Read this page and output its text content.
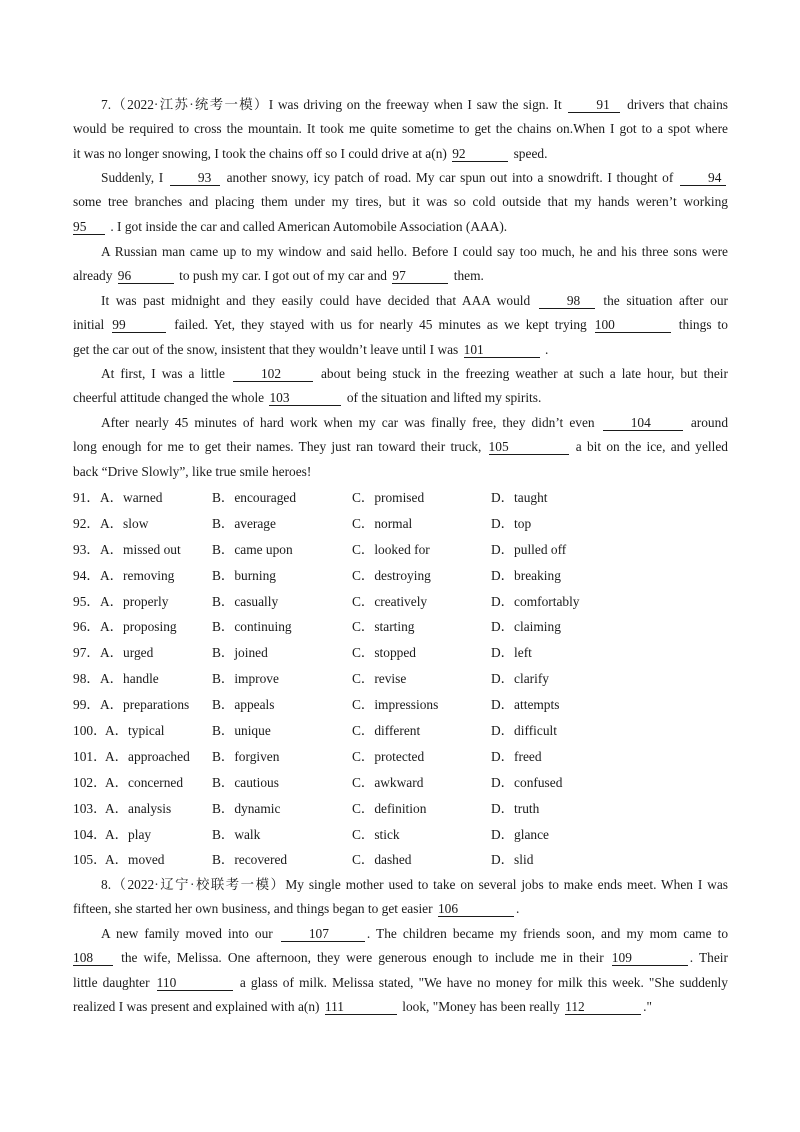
7.（2022·江苏·统考一模）I was driving on the freeway when I saw the sign. It	91 drivers that chains
would be required to cross the mountain. It took me quite sometime to get the chains on.When I got to a spot where
it was no longer snowing, I took the chains off so I could drive at a(n) 92	speed.
Suddenly, I	93 another snowy, icy patch of road. My car spun out into a snowdrift. I thought of	94
some tree branches and placing them under my tires, but it was so cold outside that my hands weren’t working
95 . I got inside the car and called American Automobile Association (AAA).
A Russian man came up to my window and said hello. Before I could say too much, he and his three sons were
already 96	to push my car. I got out of my car and 97	them.
It was past midnight and they easily could have decided that AAA would	98 the situation after our
initial 99	failed. Yet, they stayed with us for nearly 45 minutes as we kept trying 100	things to
get the car out of the snow, insistent that they wouldn’t leave until I was 101	.
At first, I was a little	102	about being stuck in the freezing weather at such a late hour, but their
cheerful attitude changed the whole 103	of the situation and lifted my spirits.
After nearly 45 minutes of hard work when my car was finally free, they didn’t even	104	around
long enough for me to get their names. They just ran toward their truck, 105	a bit on the ice, and yelled
back “Drive Slowly”, like true smile heroes!
91． A．warned	B．encouraged	C．promised	D．taught
92． A．slow	B．average	C．normal	D．top
93． A．missed out B．came upon	C．looked for	D．pulled off
94． A．removing	B．burning	C．destroying	D．breaking
95． A．properly	B．casually	C．creatively	D．comfortably
96． A．proposing	B．continuing	C．starting	D．claiming
97． A．urged	B．joined	C．stopped	D．left
98． A．handle	B．improve	C．revise	D．clarify
99． A．preparations B．appeals	C．impressions	D．attempts
100．
A．typical	B．unique	C．different	D．difficult
101．
A．approached B．forgiven	C．protected	D．freed
102．
A．concerned B．cautious	C．awkward	D．confused
103．
A．analysis	B．dynamic	C．definition	D．truth
104．
A．play	B．walk	C．stick	D．glance
105．
A．moved	B．recovered	C．dashed	D．slid
8.（2022·辽宁·校联考一模）My single mother used to take on several jobs to make ends meet. When I was
fifteen, she started her own business, and things began to get easier 106	.
A new family moved into our	107	. The children became my friends soon, and my mom came to
108 the wife, Melissa. One afternoon, they were generous enough to include me in their 109	. Their
little daughter 110	a glass of milk. Melissa stated, "We have no money for milk this week. "She suddenly
realized I was present and explained with a(n) 111	look, "Money has been really 112	."
